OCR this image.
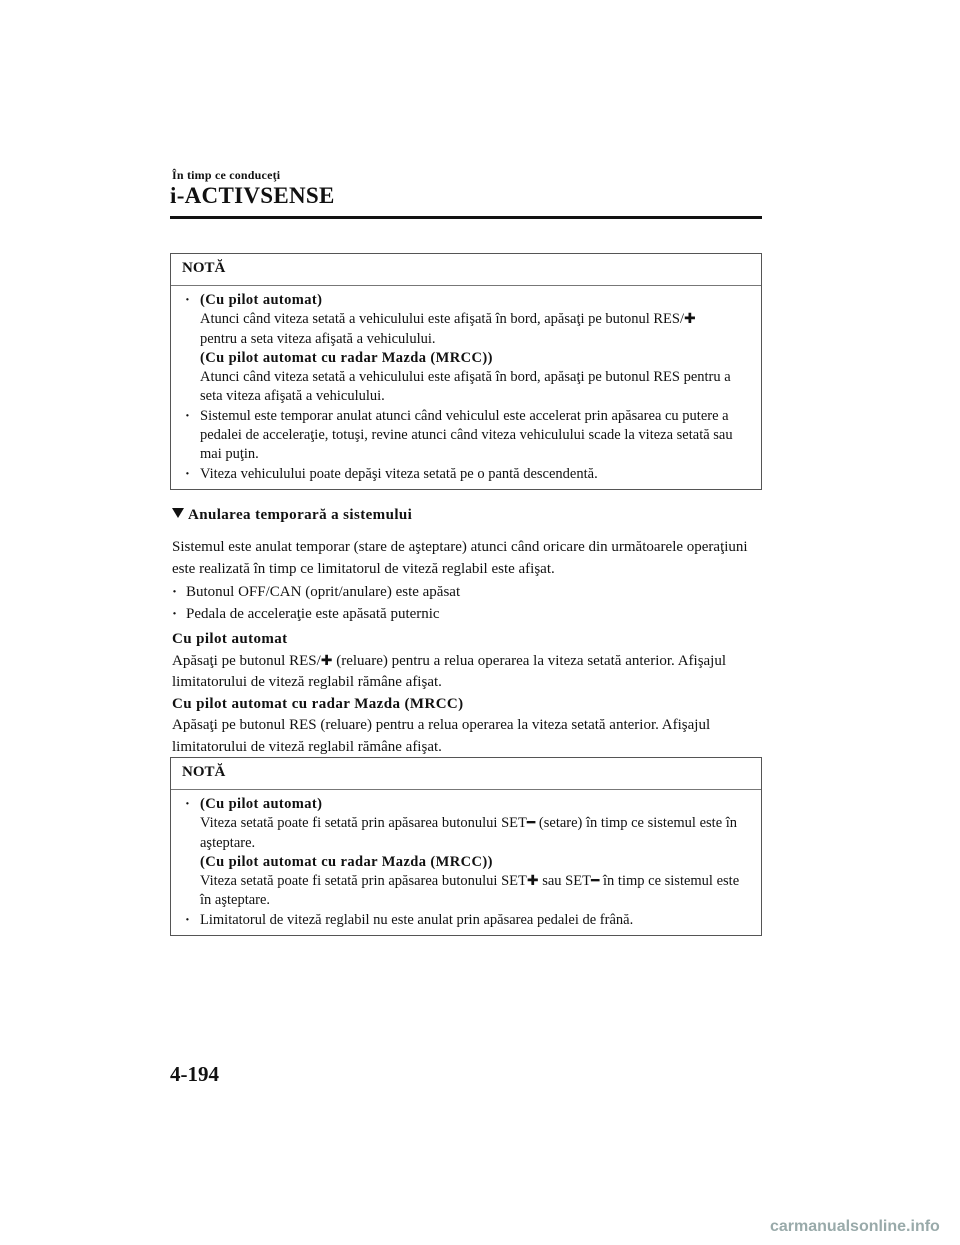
În timp ce conduceţi
i-ACTIVSENSE
NOTĂ
· (Cu pilot automat)
Atunci când viteza setată a vehiculului este afişată în bord, apăsaţi pe butonul RES/✚
pentru a seta viteza afişată a vehiculului.
(Cu pilot automat cu radar Mazda (MRCC))
Atunci când viteza setată a vehiculului este afişată în bord, apăsaţi pe butonul RES pentru a seta viteza afişată a vehiculului.
· Sistemul este temporar anulat atunci când vehiculul este accelerat prin apăsarea cu putere a pedalei de acceleraţie, totuşi, revine atunci când viteza vehiculului scade la viteza setată sau mai puţin.
· Viteza vehiculului poate depăşi viteza setată pe o pantă descendentă.
Anularea temporară a sistemului
Sistemul este anulat temporar (stare de aşteptare) atunci când oricare din următoarele operaţiuni este realizată în timp ce limitatorul de viteză reglabil este afişat.
· Butonul OFF/CAN (oprit/anulare) este apăsat
· Pedala de acceleraţie este apăsată puternic
Cu pilot automat
Apăsaţi pe butonul RES/✚ (reluare) pentru a relua operarea la viteza setată anterior. Afişajul limitatorului de viteză reglabil rămâne afişat.
Cu pilot automat cu radar Mazda (MRCC)
Apăsaţi pe butonul RES (reluare) pentru a relua operarea la viteza setată anterior. Afişajul limitatorului de viteză reglabil rămâne afişat.
NOTĂ
· (Cu pilot automat)
Viteza setată poate fi setată prin apăsarea butonului SET━ (setare) în timp ce sistemul este în aşteptare.
(Cu pilot automat cu radar Mazda (MRCC))
Viteza setată poate fi setată prin apăsarea butonului SET✚ sau SET━ în timp ce sistemul este în aşteptare.
· Limitatorul de viteză reglabil nu este anulat prin apăsarea pedalei de frână.
4-194
carmanualsonline.info
